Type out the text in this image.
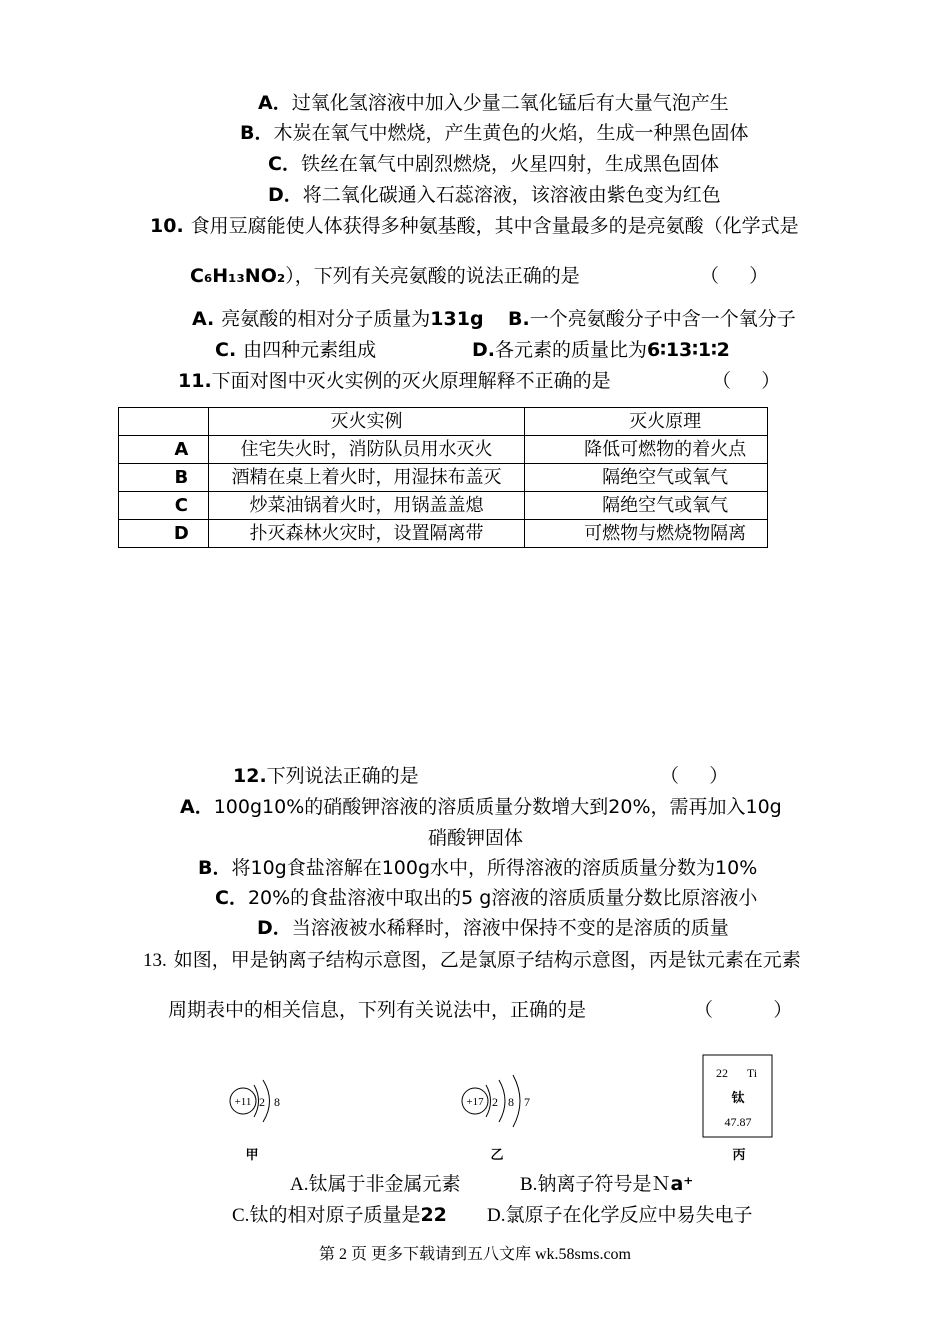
A．过氧化氢溶液中加入少量二氧化锰后有大量气泡产生
B．木炭在氧气中燃烧，产生黄色的火焰，生成一种黑色固体
C．铁丝在氧气中剧烈燃烧，火星四射，生成黑色固体
D．将二氧化碳通入石蕊溶液，该溶液由紫色变为红色
10. 食用豆腐能使人体获得多种氨基酸，其中含量最多的是亮氨酸（化学式是
C₆H₁₃NO₂），下列有关亮氨酸的说法正确的是	（     ）
A. 亮氨酸的相对分子质量为131g B.一个亮氨酸分子中含一个氧分子
C. 由四种元素组成	D.各元素的质量比为6∶13∶1∶2
11.下面对图中灭火实例的灭火原理解释不正确的是	（     ）
	灭火实例	灭火原理
A	住宅失火时，消防队员用水灭火	降低可燃物的着火点
B	酒精在桌上着火时，用湿抹布盖灭	隔绝空气或氧气
C	炒菜油锅着火时，用锅盖盖熄	隔绝空气或氧气
D	扑灭森林火灾时，设置隔离带	可燃物与燃烧物隔离
12.下列说法正确的是	（     ）
A．100g10%的硝酸钾溶液的溶质质量分数增大到20%，需再加入10g
硝酸钾固体
B．将10g食盐溶解在100g水中，所得溶液的溶质质量分数为10%
C．20%的食盐溶液中取出的5 g溶液的溶质质量分数比原溶液小
D．当溶液被水稀释时，溶液中保持不变的是溶质的质量
13. 如图，甲是钠离子结构示意图，乙是氯原子结构示意图，丙是钛元素在元素
周期表中的相关信息，下列有关说法中，正确的是	（          ）
+11 2 8
甲
+17 2 8 7
乙
22 Ti
钛
47.87
丙
A.钛属于非金属元素	B.钠离子符号是Ｎa⁺
C.钛的相对原子质量是22 D.氯原子在化学反应中易失电子
第 2 页 更多下载请到五八文库 wk.58sms.com
